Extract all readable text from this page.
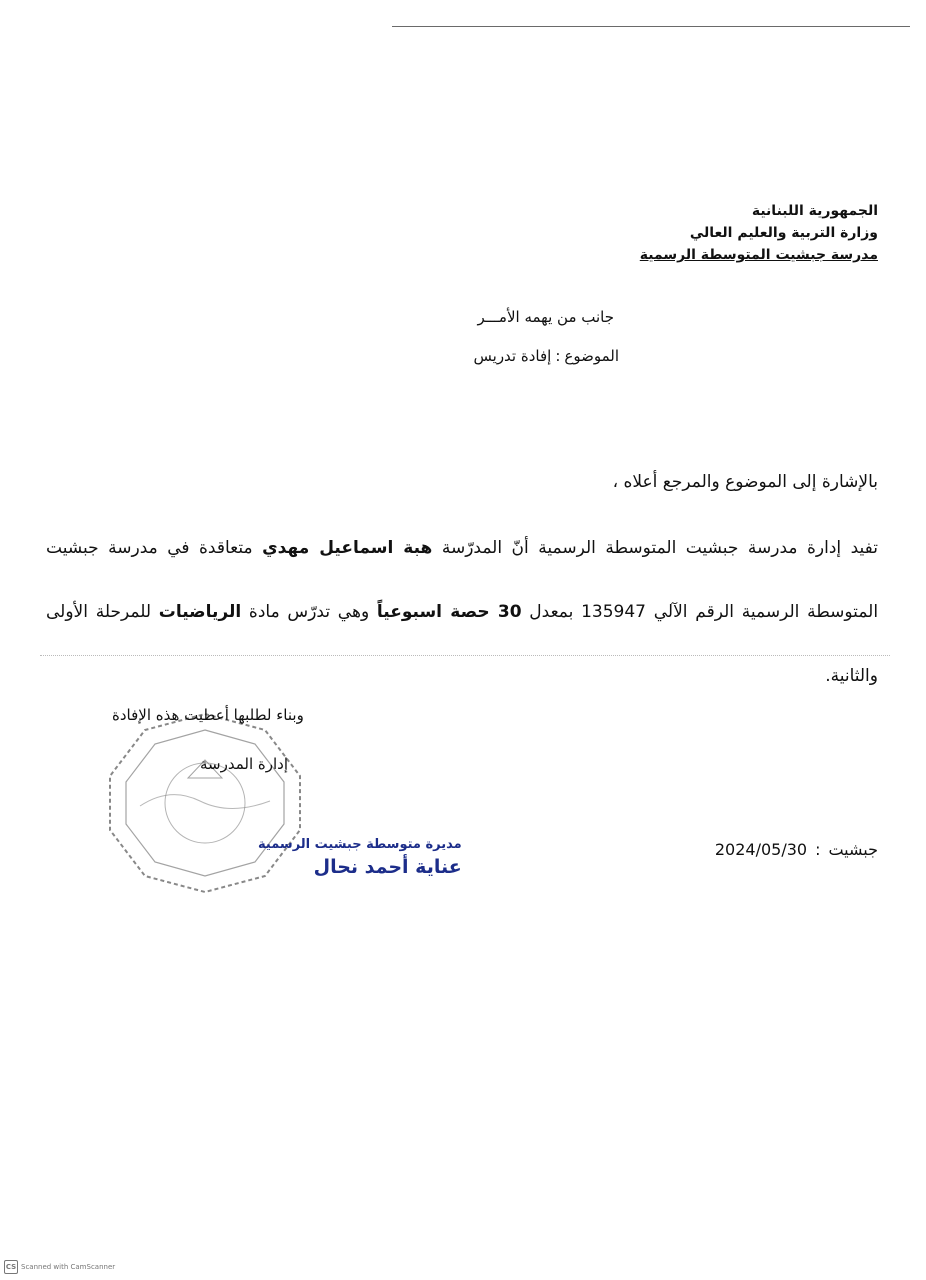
الجمهورية اللبنانية
وزارة التربية والعليم العالي
مدرسة جبشيت المتوسطة الرسمية
جانب من يهمه الأمـــر
الموضوع:إفادة تدريس
بالإشارة إلى الموضوع والمرجع أعلاه ،
تفيد إدارة مدرسة جبشيت المتوسطة الرسمية أنّ المدرّسة هبة اسماعيل مهدي متعاقدة في مدرسة جبشيت المتوسطة الرسمية الرقم الآلي 135947 بمعدل 30 حصة اسبوعياً وهي تدرّس مادة الرياضيات للمرحلة الأولى والثانية.
وبناء لطلبها أعطيت هذه الإفادة
إدارة المدرسة
مديرة متوسطة جبشيت الرسمية
عناية أحمد نحال
جبشيت:2024/05/30
CS Scanned with CamScanner
